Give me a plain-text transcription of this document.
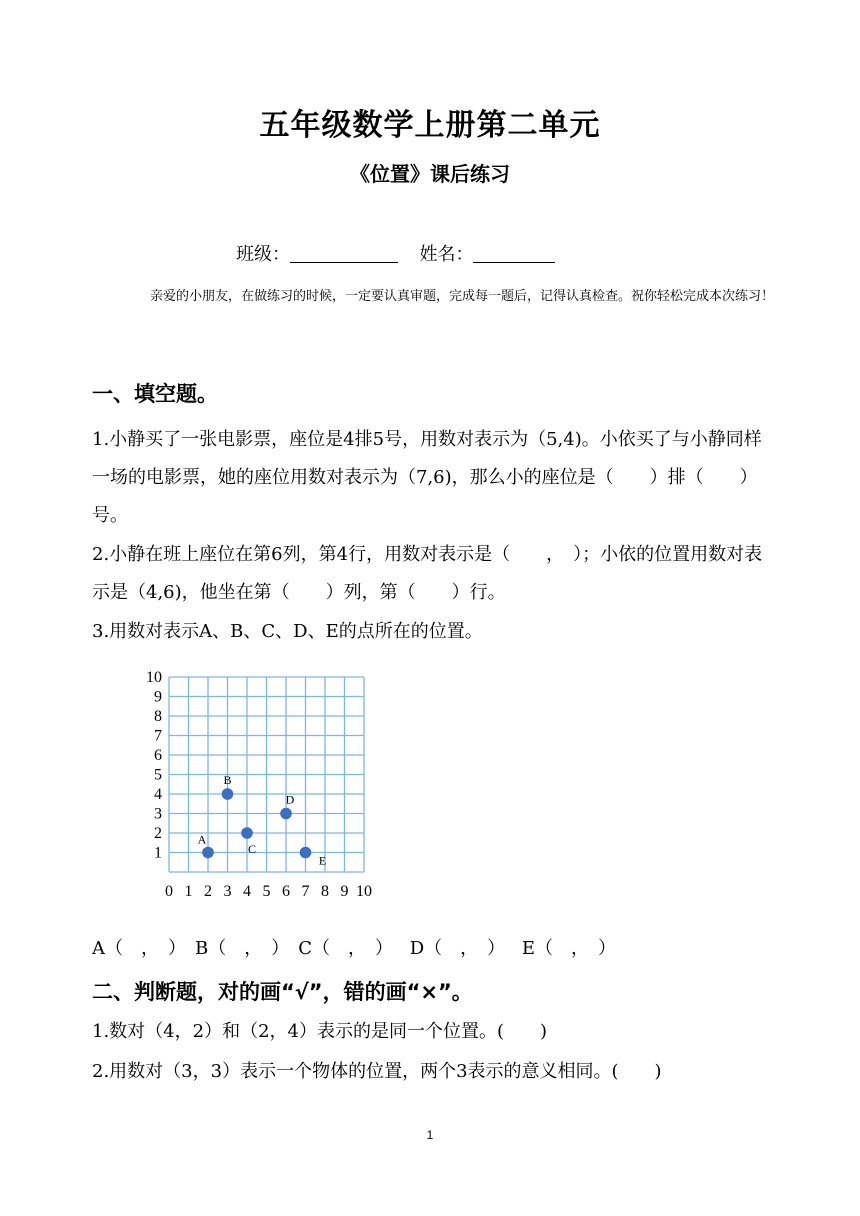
五年级数学上册第二单元
《位置》课后练习
班级：	姓名：
亲爱的小朋友，在做练习的时候，一定要认真审题，完成每一题后，记得认真检查。祝你轻松完成本次练习！
一、填空题。
1.小静买了一张电影票，座位是4排5号，用数对表示为（5,4)。小依买了与小静同样一场的电影票，她的座位用数对表示为（7,6)，那么小的座位是（　　）排（　　）号。
2.小静在班上座位在第6列，第4行，用数对表示是（　　，　）；小依的位置用数对表示是（4,6)，他坐在第（　　）列，第（　　）行。
3.用数对表示A、B、C、D、E的点所在的位置。
0 1 2 3 4 5 6 7 8 9 10
1
2
3
4
5
6
7
8
9
10
A
B
C
D
E
A（　，　）　B（　，　）　C（　，　）　 D（　，　）　 E（　，　）
二、判断题，对的画“√”，错的画“×”。
1.数对（4，2）和（2，4）表示的是同一个位置。(　　)
2.用数对（3，3）表示一个物体的位置，两个3表示的意义相同。(　　)
1
